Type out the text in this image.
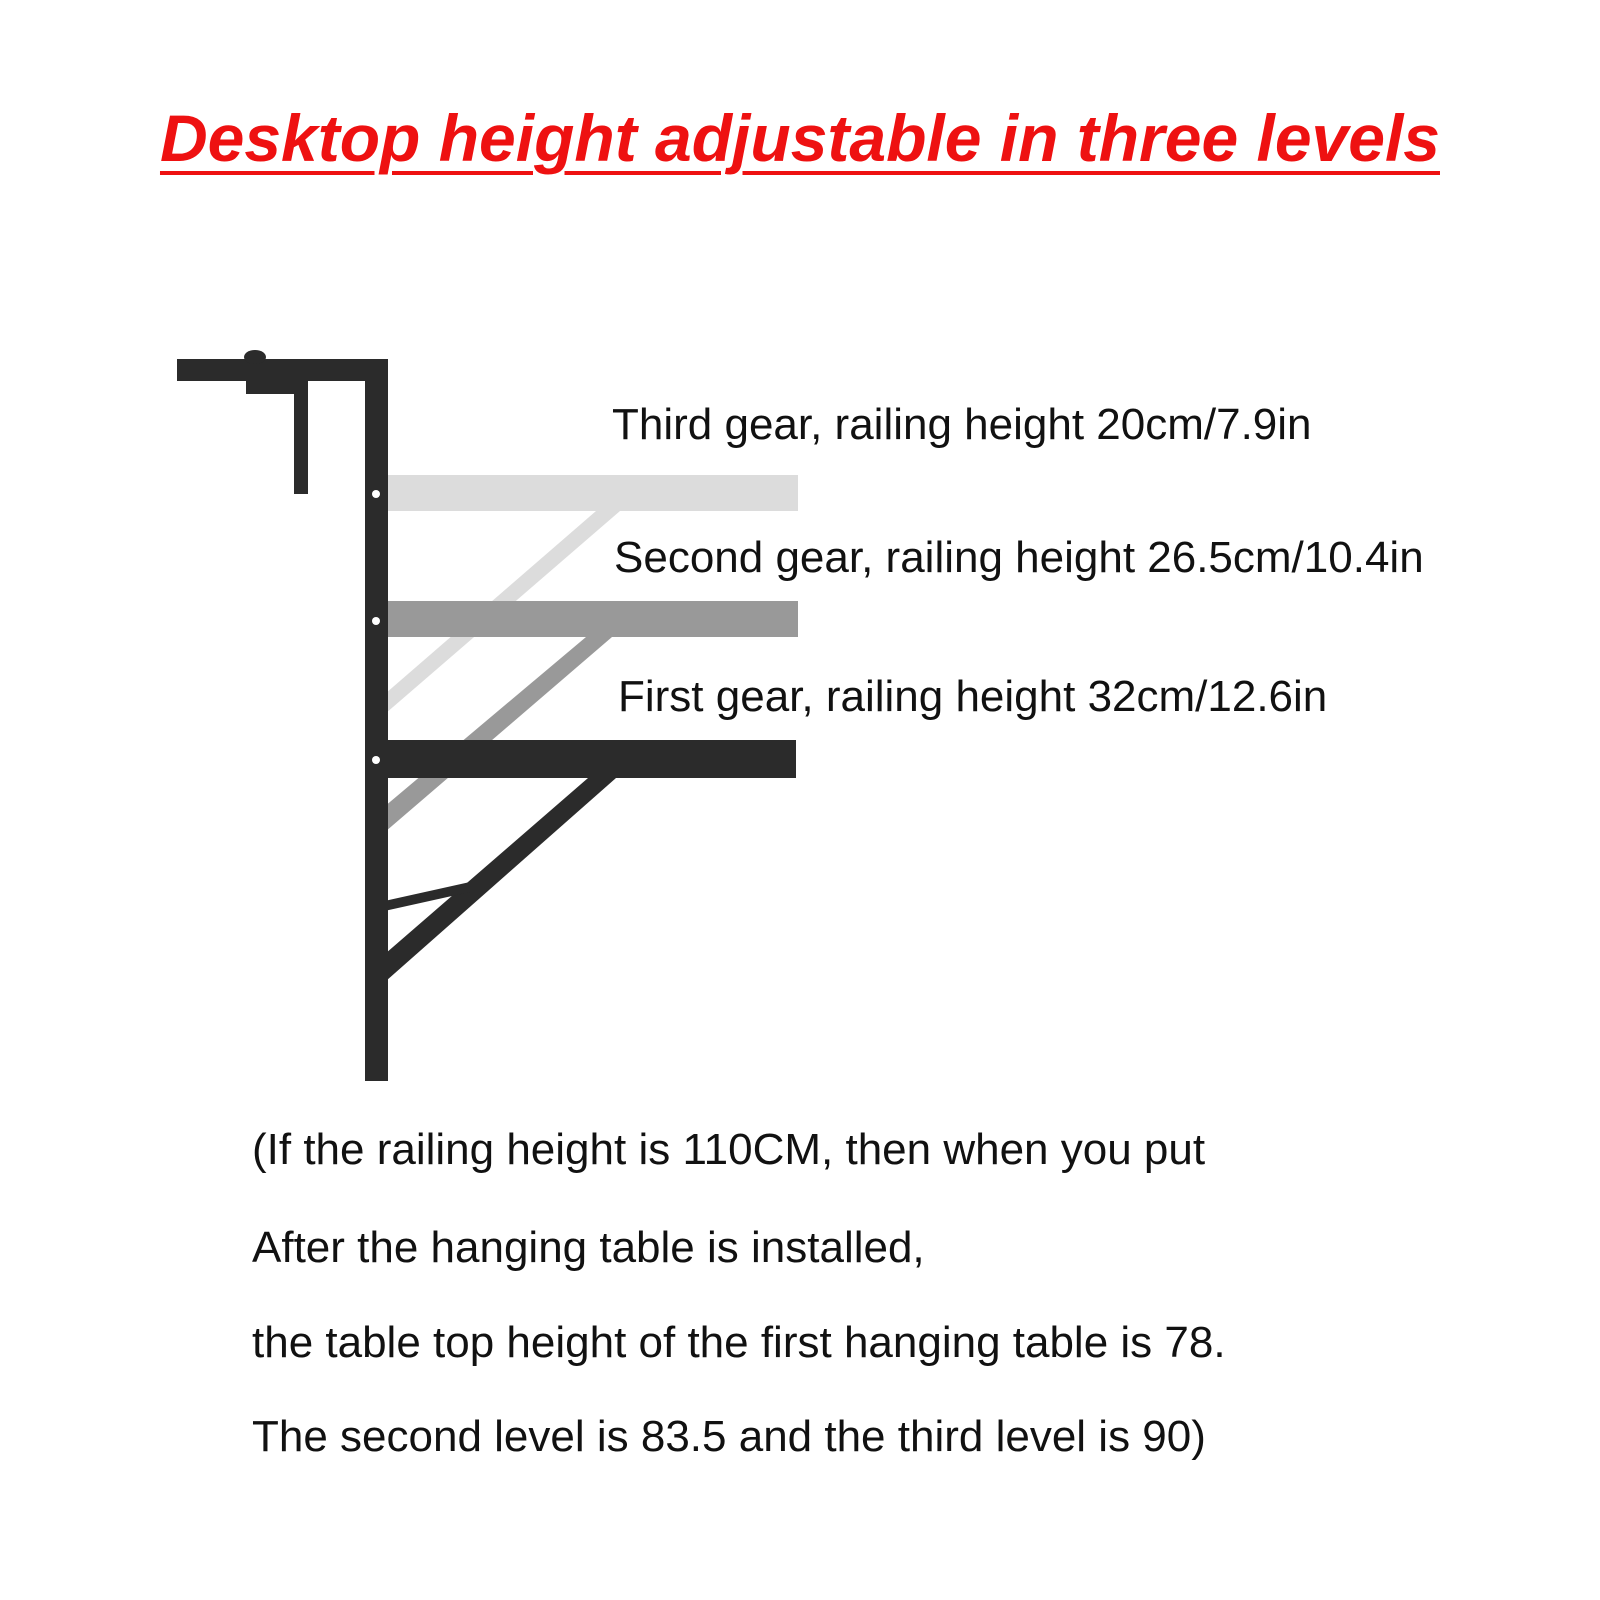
Desktop height adjustable in three levels
Third gear, railing height 20cm/7.9in
Second gear, railing height 26.5cm/10.4in
First gear, railing height 32cm/12.6in
(If the railing height is 110CM, then when you put
After the hanging table is installed,
the table top height of the first hanging table is 78.
The second level is 83.5 and the third level is 90)
